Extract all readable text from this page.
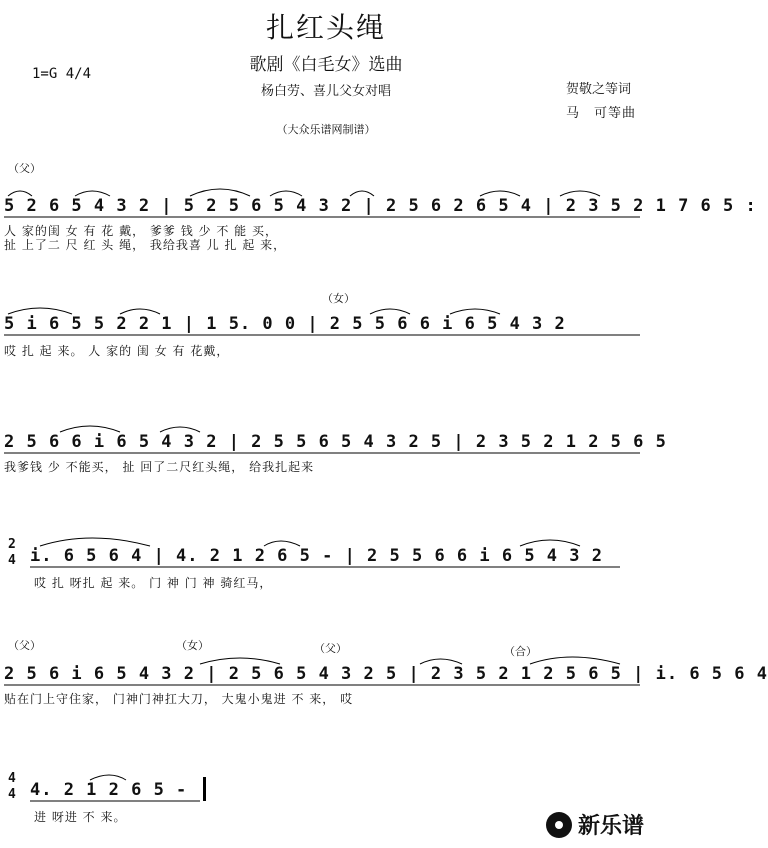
扎红头绳
歌剧《白毛女》选曲
杨白劳、喜儿父女对唱
（大众乐谱网制谱）
1=G 4/4
贺敬之等词
马　可等曲
（父）
5 2 6 5 4 3 2 | 5 2 5 6 5 4 3 2 | 2 5 6 2 6 5 4 | 2 3 5 2 1 7 6 5 :
人 家的闺 女 有 花 戴， 爹爹 钱 少 不 能 买，
扯 上了二 尺 红 头 绳， 我给我喜 儿 扎 起 来，
（女）
5 i 6 5 5 2 2 1 | 1 5. 0 0 | 2 5 5 6 6 i 6 5 4 3 2
哎 扎 起 来。 人 家的 闺 女 有 花戴，
2 5 6 6 i 6 5 4 3 2 | 2 5 5 6 5 4 3 2 5 | 2 3 5 2 1 2 5 6 5
我爹钱 少 不能买， 扯 回了二尺红头绳， 给我扎起来
2
4 i. 6 5 6 4 | 4. 2 1 2 6 5 - | 2 5 5 6 6 i 6 5 4 3 2
哎 扎 呀扎 起 来。 门 神 门 神 骑红马，
（父）	（女）	（父）	（合）
2 5 6 i 6 5 4 3 2 | 2 5 6 5 4 3 2 5 | 2 3 5 2 1 2 5 6 5 | i. 6 5 6 4
贴在门上守住家， 门神门神扛大刀， 大鬼小鬼进 不 来， 哎
4
4 4. 2 1 2 6 5 -
进 呀进 不 来。	新乐谱
